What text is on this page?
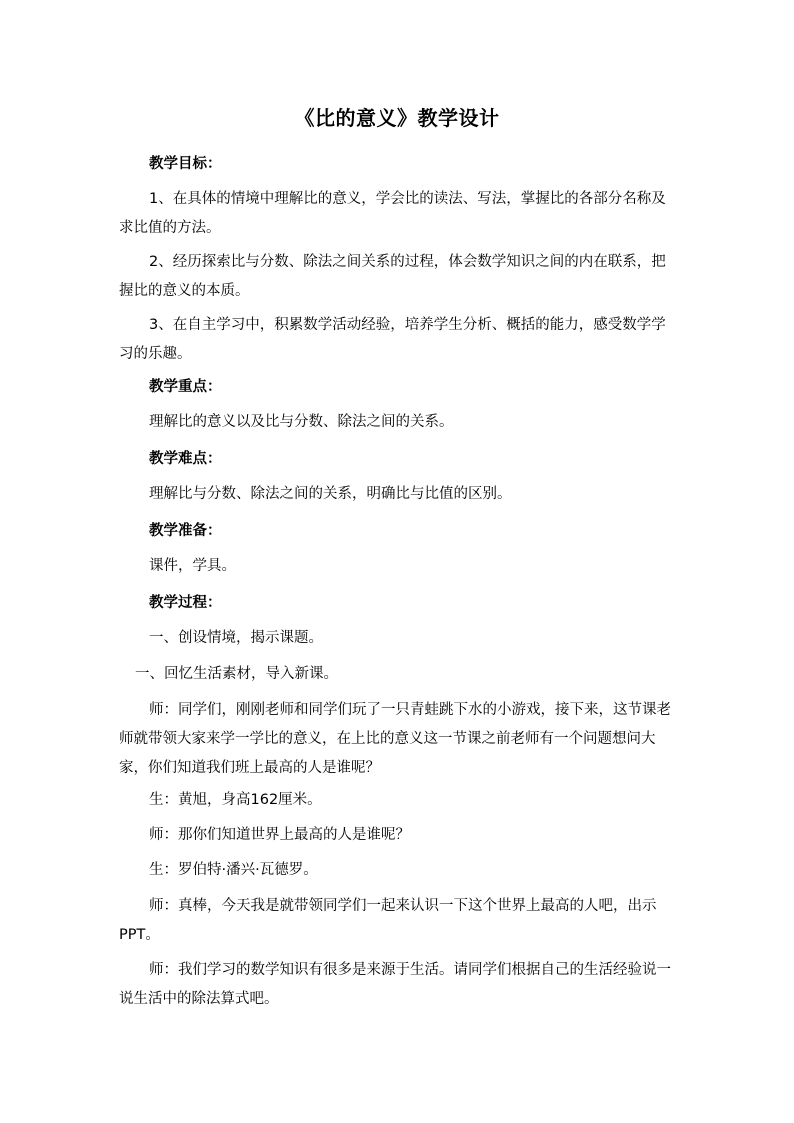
《比的意义》教学设计

教学目标：

1、在具体的情境中理解比的意义，学会比的读法、写法，掌握比的各部分名称及求比值的方法。

2、经历探索比与分数、除法之间关系的过程，体会数学知识之间的内在联系，把握比的意义的本质。

3、在自主学习中，积累数学活动经验，培养学生分析、概括的能力，感受数学学习的乐趣。

教学重点：

理解比的意义以及比与分数、除法之间的关系。

教学难点：

理解比与分数、除法之间的关系，明确比与比值的区别。

教学准备：

课件，学具。

教学过程：

一、创设情境，揭示课题。

一、回忆生活素材，导入新课。

师：同学们，刚刚老师和同学们玩了一只青蛙跳下水的小游戏，接下来，这节课老师就带领大家来学一学比的意义，在上比的意义这一节课之前老师有一个问题想问大家，你们知道我们班上最高的人是谁呢？

生：黄旭，身高162厘米。

师：那你们知道世界上最高的人是谁呢？

生：罗伯特·潘兴·瓦德罗。

师：真棒，今天我是就带领同学们一起来认识一下这个世界上最高的人吧，出示PPT。

师：我们学习的数学知识有很多是来源于生活。请同学们根据自己的生活经验说一说生活中的除法算式吧。
